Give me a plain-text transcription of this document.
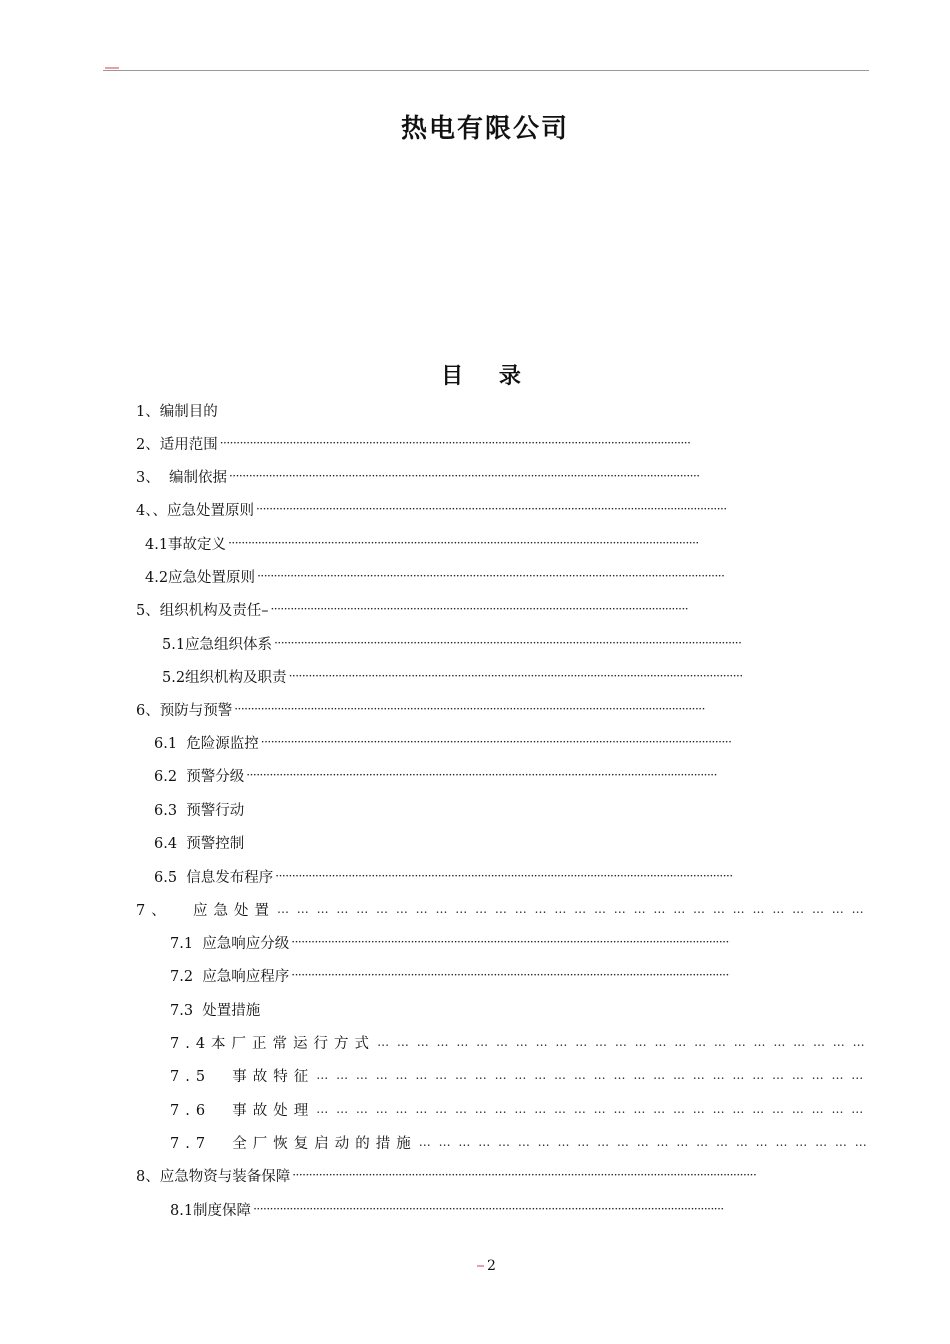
热电有限公司
目 录
1、编制目的
2、适用范围
·····
3、  编制依据
·····
4、、应急处置原则
·····
4.1事故定义
·····
4.2应急处置原则
·····
5、组织机构及责任–
·····
5.1应急组织体系
·····
5.2组织机构及职责
·····
6、预防与预警
·····
6.1  危险源监控
·····
6.2  预警分级
·····
6.3  预警行动
6.4  预警控制
6.5  信息发布程序
·····
7、  应急处置
… … … … … … … … … … … … … … … … … … … … … … … … … … … … … … … … … … … … … … … … … … … …
7.1  应急响应分级
·····
7.2  应急响应程序
·····
7.3  处置措施
7.4本厂正常运行方式
… … … … … … … … … … … … … … … … … … … … … … … … … … … … … … … … … … … … … … … … … … … …
7.5  事故特征
… … … … … … … … … … … … … … … … … … … … … … … … … … … … … … … … … … … … … … … … … … … …
7.6  事故处理
… … … … … … … … … … … … … … … … … … … … … … … … … … … … … … … … … … … … … … … … … … … …
7.7  全厂恢复启动的措施
… … … … … … … … … … … … … … … … … … … … … … … … … … … … … … … … … … … … … … … … … … … …
8、应急物资与装备保障
·····
8.1制度保障
·····
2
